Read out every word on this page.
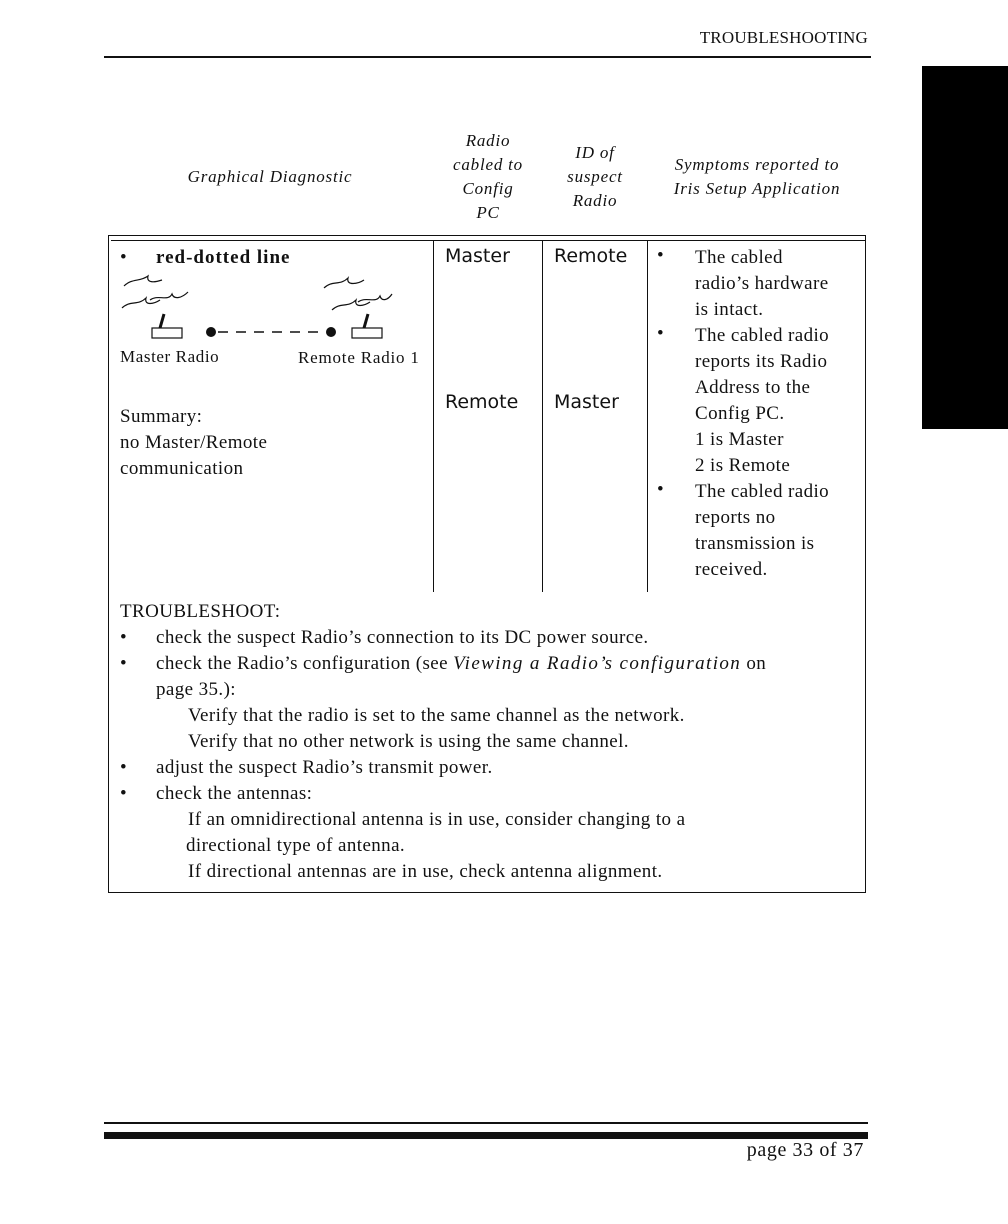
TROUBLESHOOTING
Graphical Diagnostic
Radio
cabled to
Config
PC
ID of
suspect
Radio
Symptoms reported to
Iris Setup Application
• red-dotted line
Master Radio	Remote Radio 1
Summary:
no Master/Remote
communication
Master Remote
Remote Master
•
•
•
The cabled
radio’s hardware
is intact.
The cabled radio
reports its Radio
Address to the
Config PC.
1 is Master
2 is Remote
The cabled radio
reports no
transmission is
received.
TROUBLESHOOT:
• check the suspect Radio’s connection to its DC power source.
• check the Radio’s configuration (see Viewing a Radio’s configuration on
page 35.):
Verify that the radio is set to the same channel as the network.
Verify that no other network is using the same channel.
• adjust the suspect Radio’s transmit power.
• check the antennas:
If an omnidirectional antenna is in use, consider changing to a
directional type of antenna.
If directional antennas are in use, check antenna alignment.
page 33 of 37
